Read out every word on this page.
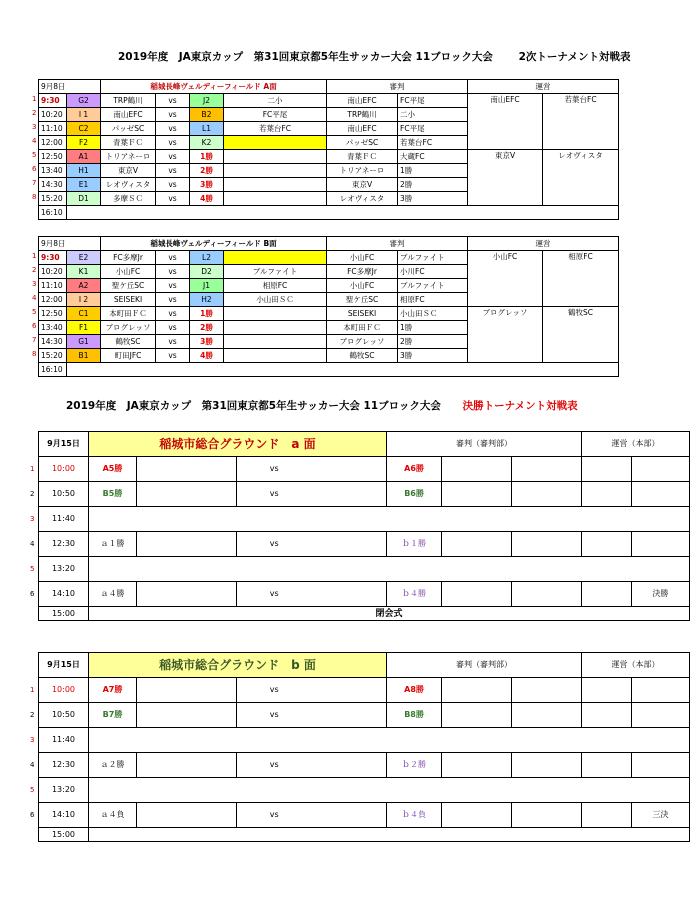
2019年度　JA東京カップ　第31回東京都5年生サッカー大会 11ブロック大会 2次トーナメント対戦表
9月8日		稲城長峰ヴェルディーフィールド A面				審判		運営	
9:30	G2	TRP鶴川	vs	J2	二小	南山EFC	FC平尾	南山EFC	若葉台FC
10:20	I 1	南山EFC	vs	B2	FC平尾	TRP鶴川	二小		
11:10	C2	パッゼSC	vs	L1	若葉台FC	南山EFC	FC平尾		
12:00	F2	青葉ＦＣ	vs	K2		パッゼSC	若葉台FC		
12:50	A1	トリアネーロ	vs	1勝		青葉ＦＣ	大蔵FC	東京V	レオヴィスタ
13:40	H1	東京V	vs	2勝		トリアネーロ	1勝		
14:30	E1	レオヴィスタ	vs	3勝		東京V	2勝		
15:20	D1	多摩ＳＣ	vs	4勝		レオヴィスタ	3勝		
16:10									
1
2
3
4
5
6
7
8
9月8日		稲城長峰ヴェルディーフィールド B面				審判		運営	
9:30	E2	FC多摩Jr	vs	L2		小山FC	ブルファイト	小山FC	相原FC
10:20	K1	小山FC	vs	D2	ブルファイト	FC多摩Jr	小川FC		
11:10	A2	聖ケ丘SC	vs	J1	相原FC	小山FC	ブルファイト		
12:00	I 2	SEISEKI	vs	H2	小山田ＳＣ	聖ケ丘SC	相原FC		
12:50	C1	本町田ＦＣ	vs	1勝		SEISEKI	小山田ＳＣ	ブログレッソ	鶴牧SC
13:40	F1	ブログレッソ	vs	2勝		本町田ＦＣ	1勝		
14:30	G1	鶴牧SC	vs	3勝		ブログレッソ	2勝		
15:20	B1	町田JFC	vs	4勝		鶴牧SC	3勝		
16:10									
1
2
3
4
5
6
7
8
2019年度　JA東京カップ　第31回東京都5年生サッカー大会 11ブロック大会 決勝トーナメント対戦表
9月15日	稲城市総合グラウンド　a 面				審判（審判部）			運営（本部）	
10:00	A5勝		vs		A6勝				
10:50	B5勝		vs		B6勝				
11:40									
12:30	ａ１勝		vs		ｂ１勝				
13:20									
14:10	ａ４勝		vs		ｂ４勝				決勝
15:00	閉会式								
1
2
3
4
5
6
9月15日	稲城市総合グラウンド　b 面				審判（審判部）			運営（本部）	
10:00	A7勝		vs		A8勝				
10:50	B7勝		vs		B8勝				
11:40									
12:30	ａ２勝		vs		ｂ２勝				
13:20									
14:10	ａ４負		vs		ｂ４負				三決
15:00									
1
2
3
4
5
6
